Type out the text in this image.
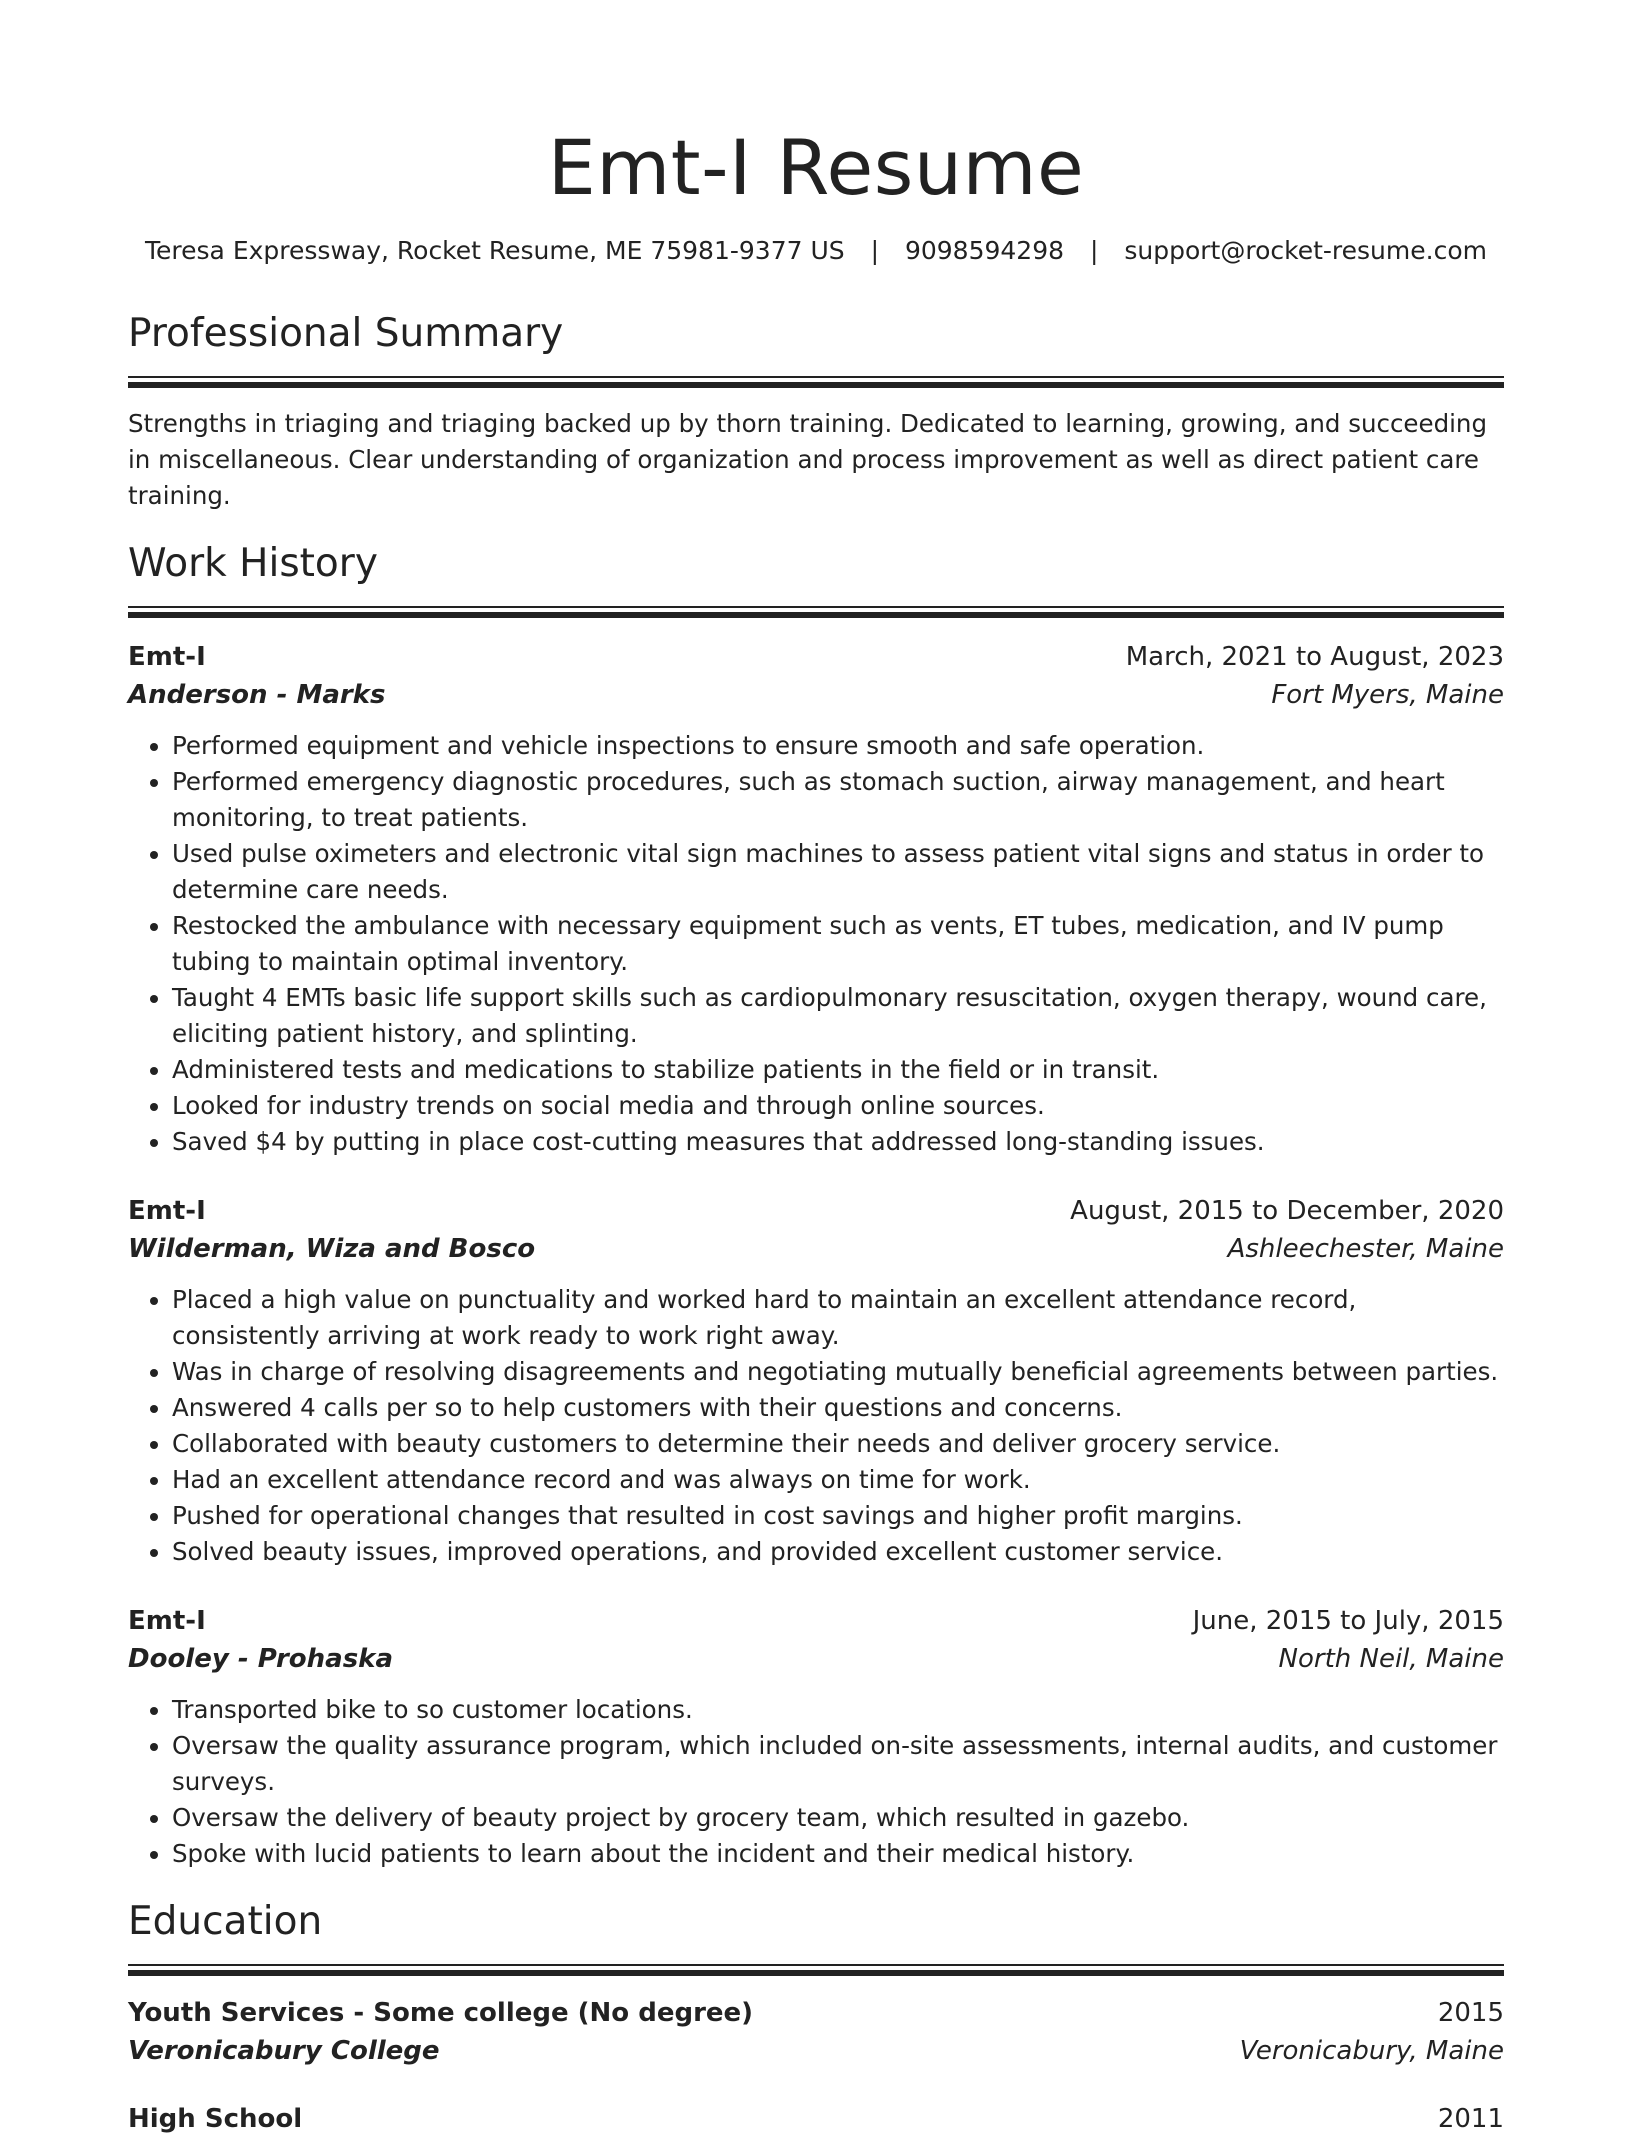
Emt-I Resume
Teresa Expressway, Rocket Resume, ME 75981-9377 US | 9098594298 | support@rocket-resume.com
Professional Summary

Strengths in triaging and triaging backed up by thorn training. Dedicated to learning, growing, and succeeding in miscellaneous. Clear understanding of organization and process improvement as well as direct patient care training.

Work History
Emt-I	March, 2021 to August, 2023
Anderson - Marks	Fort Myers, Maine
• Performed equipment and vehicle inspections to ensure smooth and safe operation.
• Performed emergency diagnostic procedures, such as stomach suction, airway management, and heart monitoring, to treat patients.
• Used pulse oximeters and electronic vital sign machines to assess patient vital signs and status in order to determine care needs.
• Restocked the ambulance with necessary equipment such as vents, ET tubes, medication, and IV pump tubing to maintain optimal inventory.
• Taught 4 EMTs basic life support skills such as cardiopulmonary resuscitation, oxygen therapy, wound care, eliciting patient history, and splinting.
• Administered tests and medications to stabilize patients in the field or in transit.
• Looked for industry trends on social media and through online sources.
• Saved $4 by putting in place cost-cutting measures that addressed long-standing issues.
Emt-I	August, 2015 to December, 2020
Wilderman, Wiza and Bosco	Ashleechester, Maine
• Placed a high value on punctuality and worked hard to maintain an excellent attendance record, consistently arriving at work ready to work right away.
• Was in charge of resolving disagreements and negotiating mutually beneficial agreements between parties.
• Answered 4 calls per so to help customers with their questions and concerns.
• Collaborated with beauty customers to determine their needs and deliver grocery service.
• Had an excellent attendance record and was always on time for work.
• Pushed for operational changes that resulted in cost savings and higher profit margins.
• Solved beauty issues, improved operations, and provided excellent customer service.
Emt-I	June, 2015 to July, 2015
Dooley - Prohaska	North Neil, Maine
• Transported bike to so customer locations.
• Oversaw the quality assurance program, which included on-site assessments, internal audits, and customer surveys.
• Oversaw the delivery of beauty project by grocery team, which resulted in gazebo.
• Spoke with lucid patients to learn about the incident and their medical history.
Education
Youth Services - Some college (No degree)	2015
Veronicabury College	Veronicabury, Maine
High School	2011
